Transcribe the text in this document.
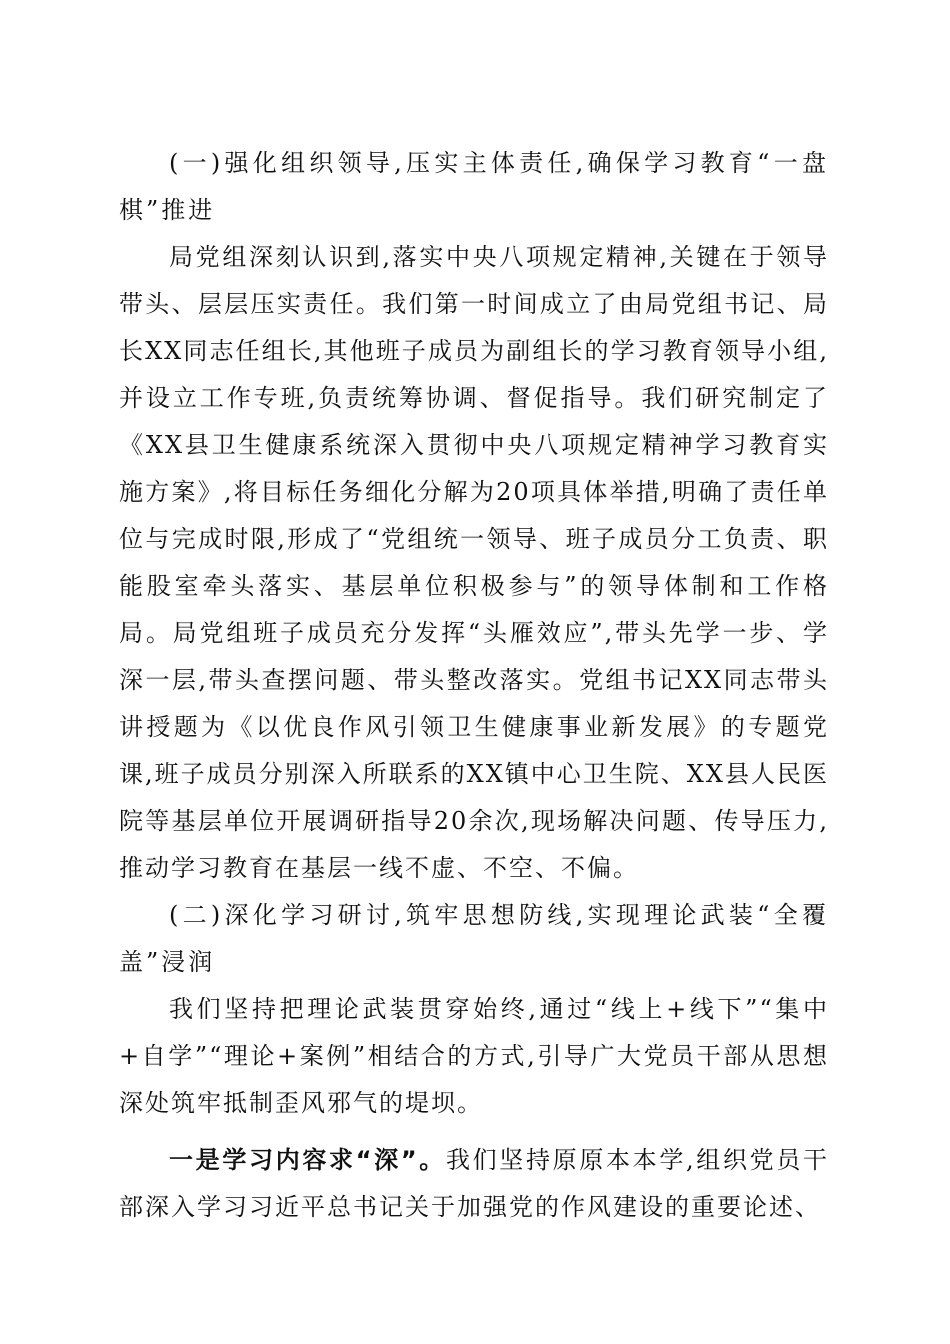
(一)强化组织领导,压实主体责任,确保学习教育“一盘棋”推进

局党组深刻认识到,落实中央八项规定精神,关键在于领导带头、层层压实责任。我们第一时间成立了由局党组书记、局长XX同志任组长,其他班子成员为副组长的学习教育领导小组,并设立工作专班,负责统筹协调、督促指导。我们研究制定了《XX县卫生健康系统深入贯彻中央八项规定精神学习教育实施方案》,将目标任务细化分解为20项具体举措,明确了责任单位与完成时限,形成了“党组统一领导、班子成员分工负责、职能股室牵头落实、基层单位积极参与”的领导体制和工作格局。局党组班子成员充分发挥“头雁效应”,带头先学一步、学深一层,带头查摆问题、带头整改落实。党组书记XX同志带头讲授题为《以优良作风引领卫生健康事业新发展》的专题党课,班子成员分别深入所联系的XX镇中心卫生院、XX县人民医院等基层单位开展调研指导20余次,现场解决问题、传导压力,推动学习教育在基层一线不虚、不空、不偏。

(二)深化学习研讨,筑牢思想防线,实现理论武装“全覆盖”浸润

我们坚持把理论武装贯穿始终,通过“线上+线下”“集中+自学”“理论+案例”相结合的方式,引导广大党员干部从思想深处筑牢抵制歪风邪气的堤坝。

一是学习内容求“深”。我们坚持原原本本学,组织党员干部深入学习习近平总书记关于加强党的作风建设的重要论述、
